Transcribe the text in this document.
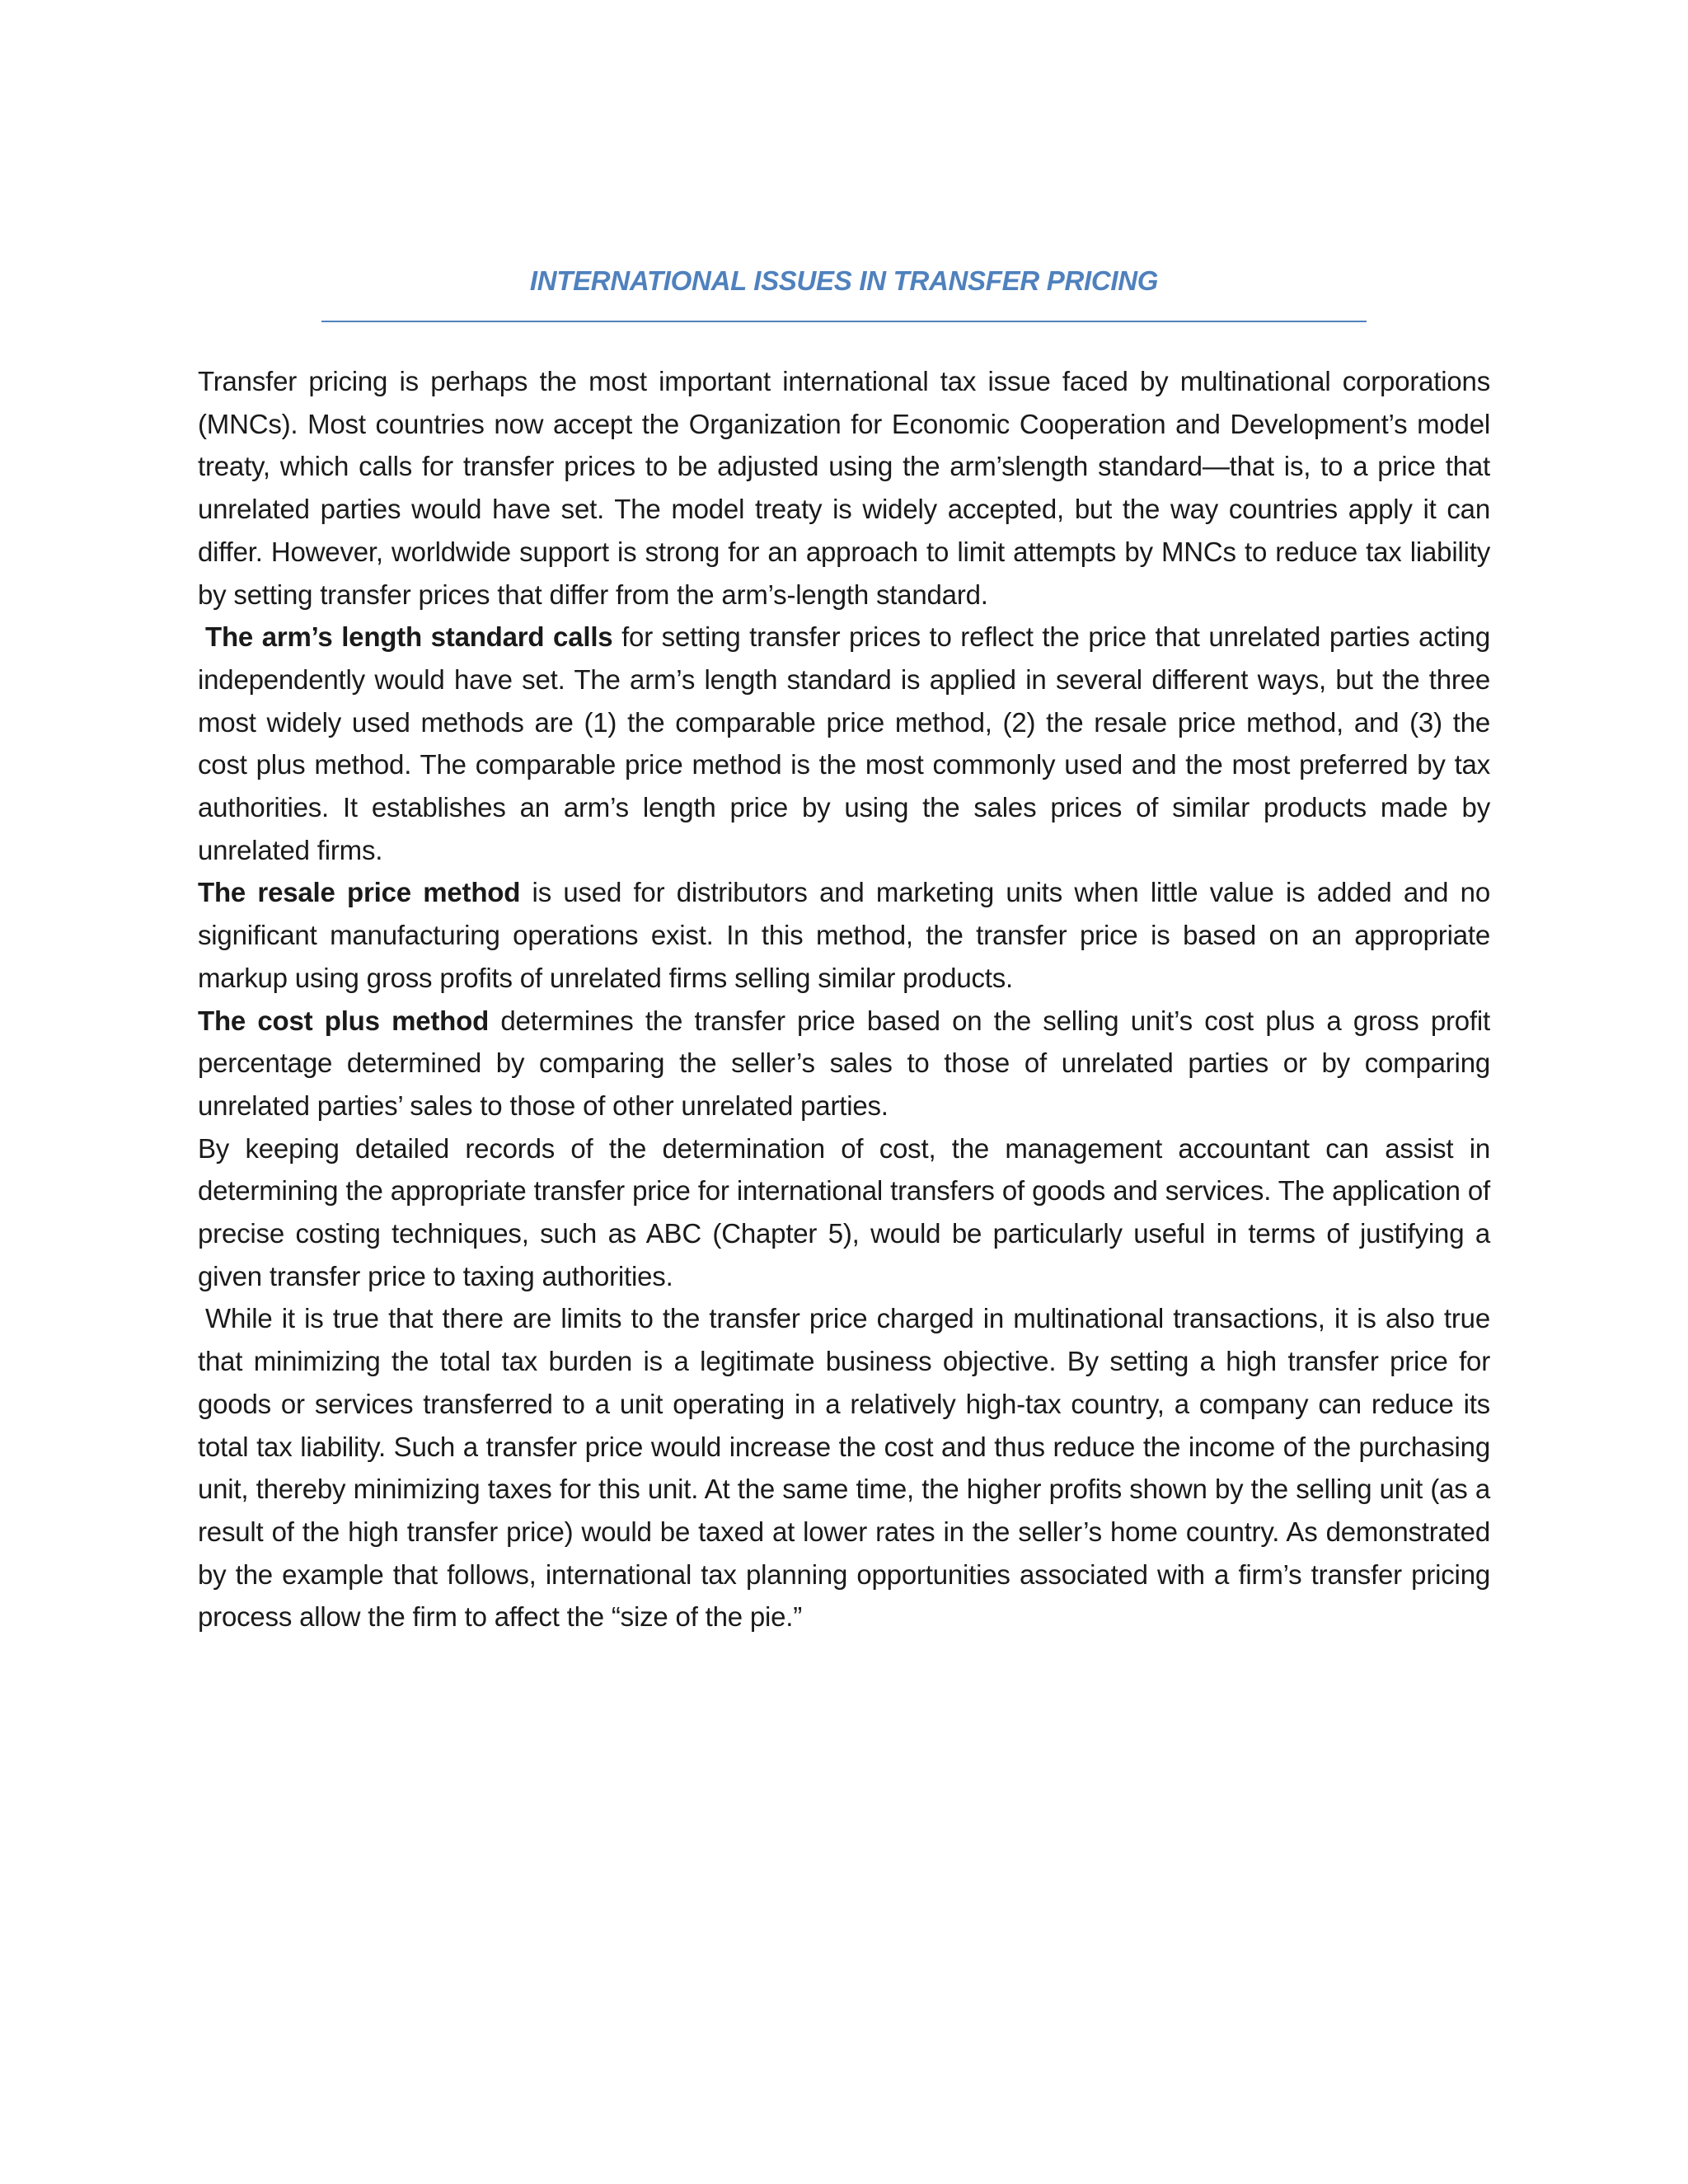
INTERNATIONAL ISSUES IN TRANSFER PRICING

Transfer pricing is perhaps the most important international tax issue faced by multinational corporations (MNCs). Most countries now accept the Organization for Economic Cooperation and Development’s model treaty, which calls for transfer prices to be adjusted using the arm’slength standard—that is, to a price that unrelated parties would have set. The model treaty is widely accepted, but the way countries apply it can differ. However, worldwide support is strong for an approach to limit attempts by MNCs to reduce tax liability by setting transfer prices that differ from the arm’s-length standard.

The arm’s length standard calls for setting transfer prices to reflect the price that unrelated parties acting independently would have set. The arm’s length standard is applied in several different ways, but the three most widely used methods are (1) the comparable price method, (2) the resale price method, and (3) the cost plus method. The comparable price method is the most commonly used and the most preferred by tax authorities. It establishes an arm’s length price by using the sales prices of similar products made by unrelated firms.

The resale price method is used for distributors and marketing units when little value is added and no significant manufacturing operations exist. In this method, the transfer price is based on an appropriate markup using gross profits of unrelated firms selling similar products.

The cost plus method determines the transfer price based on the selling unit’s cost plus a gross profit percentage determined by comparing the seller’s sales to those of unrelated parties or by comparing unrelated parties’ sales to those of other unrelated parties.

By keeping detailed records of the determination of cost, the management accountant can assist in determining the appropriate transfer price for international transfers of goods and services. The application of precise costing techniques, such as ABC (Chapter 5), would be particularly useful in terms of justifying a given transfer price to taxing authorities.

While it is true that there are limits to the transfer price charged in multinational transactions, it is also true that minimizing the total tax burden is a legitimate business objective. By setting a high transfer price for goods or services transferred to a unit operating in a relatively high-tax country, a company can reduce its total tax liability. Such a transfer price would increase the cost and thus reduce the income of the purchasing unit, thereby minimizing taxes for this unit. At the same time, the higher profits shown by the selling unit (as a result of the high transfer price) would be taxed at lower rates in the seller’s home country. As demonstrated by the example that follows, international tax planning opportunities associated with a firm’s transfer pricing process allow the firm to affect the “size of the pie.”
